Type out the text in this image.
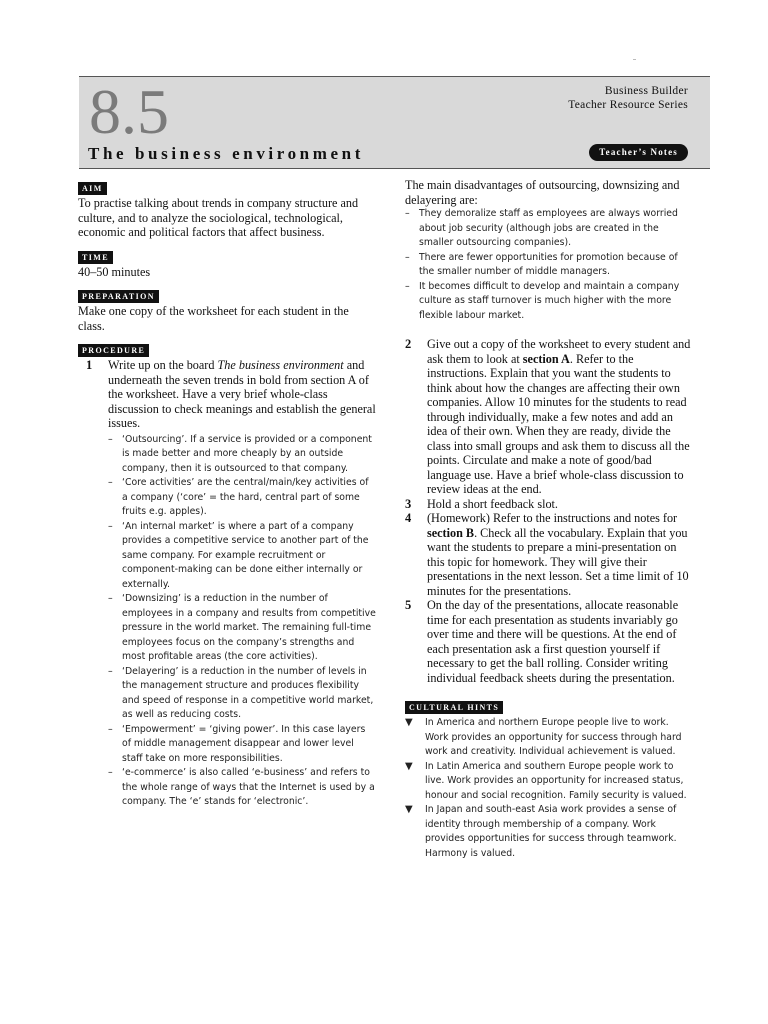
8.5	Business Builder
Teacher Resource Series
The business environment	Teacher’s Notes
AIM

To practise talking about trends in company structure and culture, and to analyze the sociological, technological, economic and political factors that affect business.

TIME

40–50 minutes

PREPARATION

Make one copy of the worksheet for each student in the class.

PROCEDURE
1	Write up on the board The business environment and underneath the seven trends in bold from section A of the worksheet. Have a very brief whole-class discussion to check meanings and establish the general issues.
–	‘Outsourcing’. If a service is provided or a component is made better and more cheaply by an outside company, then it is outsourced to that company.
–	‘Core activities’ are the central/main/key activities of a company (‘core’ = the hard, central part of some fruits e.g. apples).
–	‘An internal market’ is where a part of a company provides a competitive service to another part of the same company. For example recruitment or component-making can be done either internally or externally.
–	‘Downsizing’ is a reduction in the number of employees in a company and results from competitive pressure in the world market. The remaining full-time employees focus on the company’s strengths and most profitable areas (the core activities).
–	‘Delayering’ is a reduction in the number of levels in the management structure and produces flexibility and speed of response in a competitive world market, as well as reducing costs.
–	‘Empowerment’ = ‘giving power’. In this case layers of middle management disappear and lower level staff take on more responsibilities.
–	‘e-commerce’ is also called ‘e-business’ and refers to the whole range of ways that the Internet is used by a company. The ‘e’ stands for ‘electronic’.

The main disadvantages of outsourcing, downsizing and delayering are:

–	They demoralize staff as employees are always worried about job security (although jobs are created in the smaller outsourcing companies).
–	There are fewer opportunities for promotion because of the smaller number of middle managers.
–	It becomes difficult to develop and maintain a company culture as staff turnover is much higher with the more flexible labour market.
2	Give out a copy of the worksheet to every student and ask them to look at section A. Refer to the instructions. Explain that you want the students to think about how the changes are affecting their own companies. Allow 10 minutes for the students to read through individually, make a few notes and add an idea of their own. When they are ready, divide the class into small groups and ask them to discuss all the points. Circulate and make a note of good/bad language use. Have a brief whole-class discussion to review ideas at the end.
3	Hold a short feedback slot.
4	(Homework) Refer to the instructions and notes for section B. Check all the vocabulary. Explain that you want the students to prepare a mini-presentation on this topic for homework. They will give their presentations in the next lesson. Set a time limit of 10 minutes for the presentations.
5	On the day of the presentations, allocate reasonable time for each presentation as students invariably go over time and there will be questions. At the end of each presentation ask a first question yourself if necessary to get the ball rolling. Consider writing individual feedback sheets during the presentation.
CULTURAL HINTS
▼	In America and northern Europe people live to work. Work provides an opportunity for success through hard work and creativity. Individual achievement is valued.
▼	In Latin America and southern Europe people work to live. Work provides an opportunity for increased status, honour and social recognition. Family security is valued.
▼	In Japan and south-east Asia work provides a sense of identity through membership of a company. Work provides opportunities for success through teamwork. Harmony is valued.
